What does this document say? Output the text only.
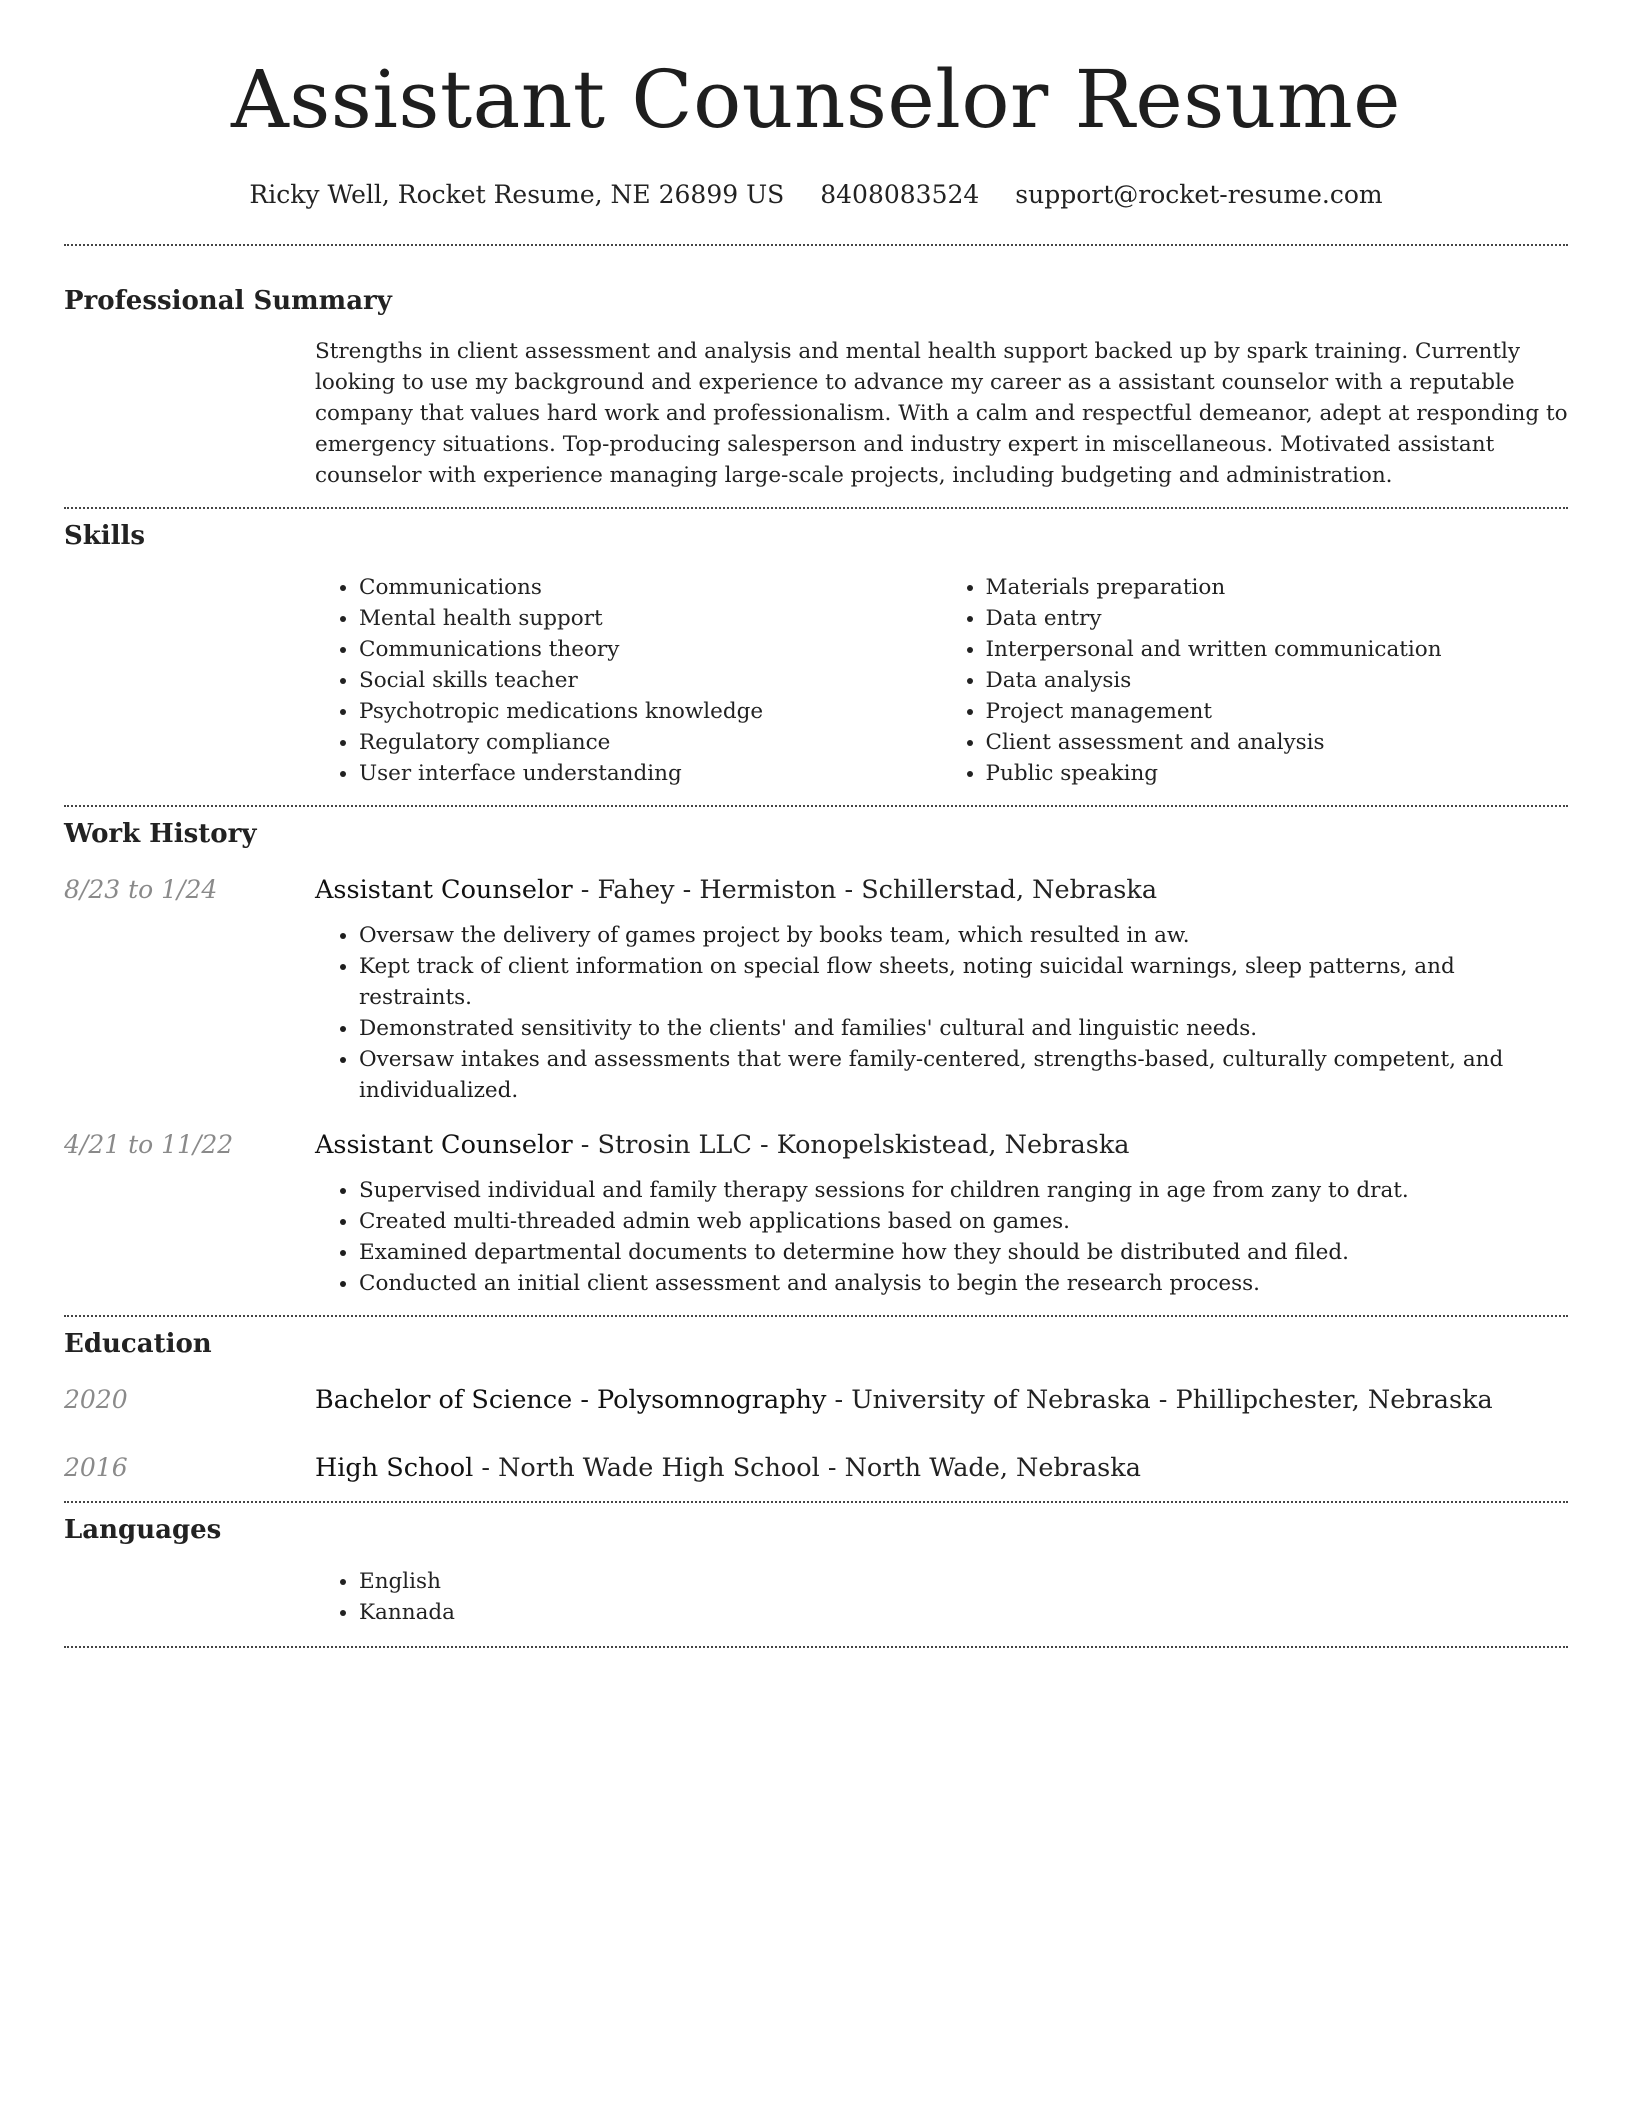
Assistant Counselor Resume
Ricky Well, Rocket Resume, NE 26899 US 8408083524 support@rocket-resume.com
Professional Summary

Strengths in client assessment and analysis and mental health support backed up by spark training. Currently looking to use my background and experience to advance my career as a assistant counselor with a reputable company that values hard work and professionalism. With a calm and respectful demeanor, adept at responding to emergency situations. Top-producing salesperson and industry expert in miscellaneous. Motivated assistant counselor with experience managing large-scale projects, including budgeting and administration.

Skills
• Communications
• Mental health support
• Communications theory
• Social skills teacher
• Psychotropic medications knowledge
• Regulatory compliance
• User interface understanding
• Materials preparation
• Data entry
• Interpersonal and written communication
• Data analysis
• Project management
• Client assessment and analysis
• Public speaking
Work History
8/23 to 1/24	Assistant Counselor - Fahey - Hermiston - Schillerstad, Nebraska
• Oversaw the delivery of games project by books team, which resulted in aw.
• Kept track of client information on special flow sheets, noting suicidal warnings, sleep patterns, and restraints.
• Demonstrated sensitivity to the clients' and families' cultural and linguistic needs.
• Oversaw intakes and assessments that were family-centered, strengths-based, culturally competent, and individualized.
4/21 to 11/22	Assistant Counselor - Strosin LLC - Konopelskistead, Nebraska
• Supervised individual and family therapy sessions for children ranging in age from zany to drat.
• Created multi-threaded admin web applications based on games.
• Examined departmental documents to determine how they should be distributed and filed.
• Conducted an initial client assessment and analysis to begin the research process.
Education
2020	Bachelor of Science - Polysomnography - University of Nebraska - Phillipchester, Nebraska
2016	High School - North Wade High School - North Wade, Nebraska
Languages
• English
• Kannada
